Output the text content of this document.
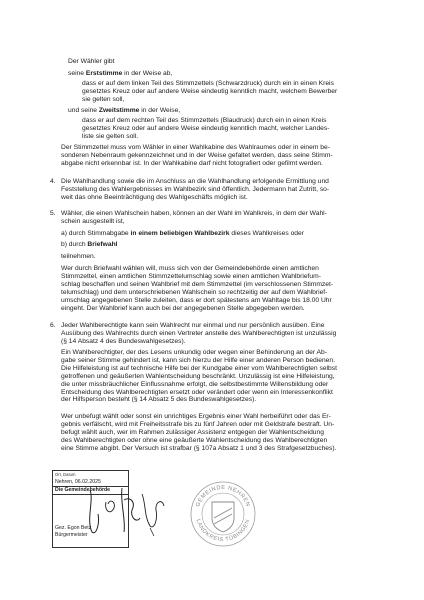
Der Wähler gibt
seine Erststimme in der Weise ab,
dass er auf dem linken Teil des Stimmzettels (Schwarzdruck) durch ein in einen Kreis
gesetztes Kreuz oder auf andere Weise eindeutig kenntlich macht, welchem Bewerber
sie gelten soll,
und seine Zweitstimme in der Weise,
dass er auf dem rechten Teil des Stimmzettels (Blaudruck) durch ein in einen Kreis
gesetztes Kreuz oder auf andere Weise eindeutig kenntlich macht, welcher Landes-
liste sie gelten soll.
Der Stimmzettel muss vom Wähler in einer Wahlkabine des Wahlraumes oder in einem be-
sonderen Nebenraum gekennzeichnet und in der Weise gefaltet werden, dass seine Stimm-
abgabe nicht erkennbar ist. In der Wahlkabine darf nicht fotografiert oder gefilmt werden.
4. Die Wahlhandlung sowie die im Anschluss an die Wahlhandlung erfolgende Ermittlung und
Feststellung des Wahlergebnisses im Wahlbezirk sind öffentlich. Jedermann hat Zutritt, so-
weit das ohne Beeinträchtigung des Wahlgeschäfts möglich ist.
5. Wähler, die einen Wahlschein haben, können an der Wahl im Wahlkreis, in dem der Wahl-
schein ausgestellt ist,
a) durch Stimmabgabe in einem beliebigen Wahlbezirk dieses Wahlkreises oder
b) durch Briefwahl
teilnehmen.
Wer durch Briefwahl wählen will, muss sich von der Gemeindebehörde einen amtlichen
Stimmzettel, einen amtlichen Stimmzettelumschlag sowie einen amtlichen Wahlbriefum-
schlag beschaffen und seinen Wahlbrief mit dem Stimmzettel (im verschlossenen Stimmzet-
telumschlag) und dem unterschriebenen Wahlschein so rechtzeitig der auf dem Wahlbrief-
umschlag angegebenen Stelle zuleiten, dass er dort spätestens am Wahltage bis 18.00 Uhr
eingeht. Der Wahlbrief kann auch bei der angegebenen Stelle abgegeben werden.
6. Jeder Wahlberechtigte kann sein Wahlrecht nur einmal und nur persönlich ausüben. Eine
Ausübung des Wahlrechts durch einen Vertreter anstelle des Wahlberechtigten ist unzulässig
(§ 14 Absatz 4 des Bundeswahlgesetzes).
Ein Wahlberechtigter, der des Lesens unkundig oder wegen einer Behinderung an der Ab-
gabe seiner Stimme gehindert ist, kann sich hierzu der Hilfe einer anderen Person bedienen.
Die Hilfeleistung ist auf technische Hilfe bei der Kundgabe einer vom Wahlberechtigten selbst
getroffenen und geäußerten Wahlentscheidung beschränkt. Unzulässig ist eine Hilfeleistung,
die unter missbräuchlicher Einflussnahme erfolgt, die selbstbestimmte Willensbildung oder
Entscheidung des Wahlberechtigten ersetzt oder verändert oder wenn ein Interessenkonflikt
der Hilfsperson besteht (§ 14 Absatz 5 des Bundeswahlgesetzes).
Wer unbefugt wählt oder sonst ein unrichtiges Ergebnis einer Wahl herbeiführt oder das Er-
gebnis verfälscht, wird mit Freiheitsstrafe bis zu fünf Jahren oder mit Geldstrafe bestraft. Un-
befugt wählt auch, wer im Rahmen zulässiger Assistenz entgegen der Wahlentscheidung
des Wahlberechtigten oder ohne eine geäußerte Wahlentscheidung des Wahlberechtigten
eine Stimme abgibt. Der Versuch ist strafbar (§ 107a Absatz 1 und 3 des Strafgesetzbuches).
Ort, Datum
Nehren, 06.02.2025
Die Gemeindebehörde
Gez. Egon Betz
Bürgermeister
GEMEINDE NEHREN
LANDKREIS TÜBINGEN
